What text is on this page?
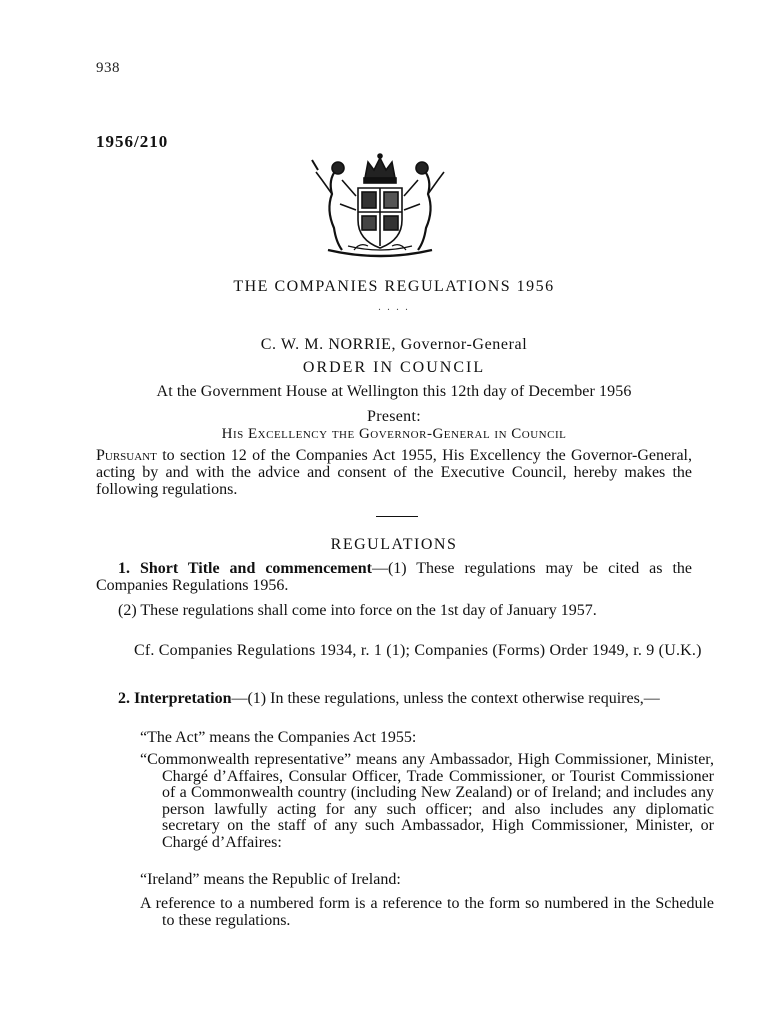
938
1956/210
THE COMPANIES REGULATIONS 1956
. . . .
C. W. M. NORRIE, Governor-General
ORDER IN COUNCIL
At the Government House at Wellington this 12th day of December 1956
Present:
His Excellency the Governor-General in Council
Pursuant to section 12 of the Companies Act 1955, His Excellency the Governor-General, acting by and with the advice and consent of the Executive Council, hereby makes the following regulations.
REGULATIONS
1. Short Title and commencement—(1) These regulations may be cited as the Companies Regulations 1956.
(2) These regulations shall come into force on the 1st day of January 1957.
Cf. Companies Regulations 1934, r. 1 (1); Companies (Forms) Order 1949, r. 9 (U.K.)
2. Interpretation—(1) In these regulations, unless the context otherwise requires,—
“The Act” means the Companies Act 1955:
“Commonwealth representative” means any Ambassador, High Commissioner, Minister, Chargé d’Affaires, Consular Officer, Trade Commissioner, or Tourist Commissioner of a Commonwealth country (including New Zealand) or of Ireland; and includes any person lawfully acting for any such officer; and also includes any diplomatic secretary on the staff of any such Ambassador, High Commissioner, Minister, or Chargé d’Affaires:
“Ireland” means the Republic of Ireland:
A reference to a numbered form is a reference to the form so numbered in the Schedule to these regulations.
